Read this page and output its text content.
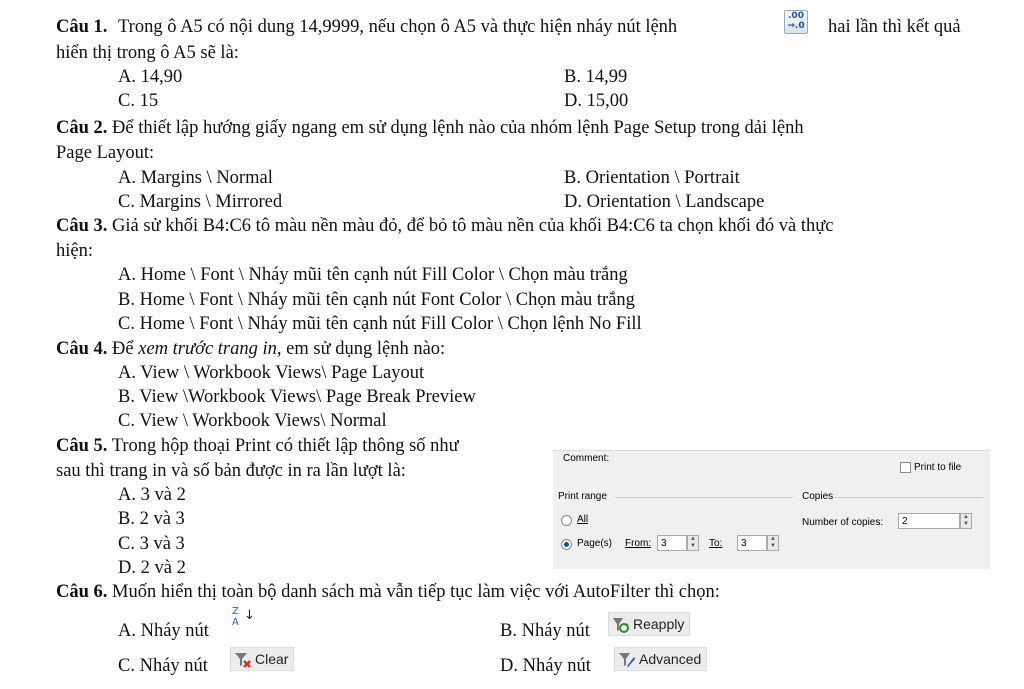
Câu 1. Trong ô A5 có nội dung 14,9999, nếu chọn ô A5 và thực hiện nháy nút lệnh
.00
→.0 hai lần thì kết quả
hiển thị trong ô A5 sẽ là:
A. 14,90	B. 14,99
C. 15	D. 15,00
Câu 2. Để thiết lập hướng giấy ngang em sử dụng lệnh nào của nhóm lệnh Page Setup trong dải lệnh
Page Layout:
A. Margins \ Normal	B. Orientation \ Portrait
C. Margins \ Mirrored	D. Orientation \ Landscape
Câu 3. Giả sử khối B4:C6 tô màu nền màu đỏ, để bỏ tô màu nền của khối B4:C6 ta chọn khối đó và thực
hiện:
A. Home \ Font \ Nháy mũi tên cạnh nút Fill Color \ Chọn màu trắng
B. Home \ Font \ Nháy mũi tên cạnh nút Font Color \ Chọn màu trắng
C. Home \ Font \ Nháy mũi tên cạnh nút Fill Color \ Chọn lệnh No Fill
Câu 4. Để xem trước trang in, em sử dụng lệnh nào:
A. View \ Workbook Views\ Page Layout
B. View \Workbook Views\ Page Break Preview
C. View \ Workbook Views\ Normal
Câu 5. Trong hộp thoại Print có thiết lập thông số như
sau thì trang in và số bản được in ra lần lượt là:
A. 3 và 2
B. 2 và 3
C. 3 và 3
D. 2 và 2
Comment:
Print to file
Print range	Copies
All	Number of copies:	2	▲
▼
Page(s) From: 3	▲
▼	To:	3	▲
▼
Câu 6. Muốn hiển thị toàn bộ danh sách mà vẫn tiếp tục làm việc với AutoFilter thì chọn:
A. Nháy nút
Z
A ↓
B. Nháy nút	Reapply
C. Nháy nút	Clear	D. Nháy nút	Advanced
